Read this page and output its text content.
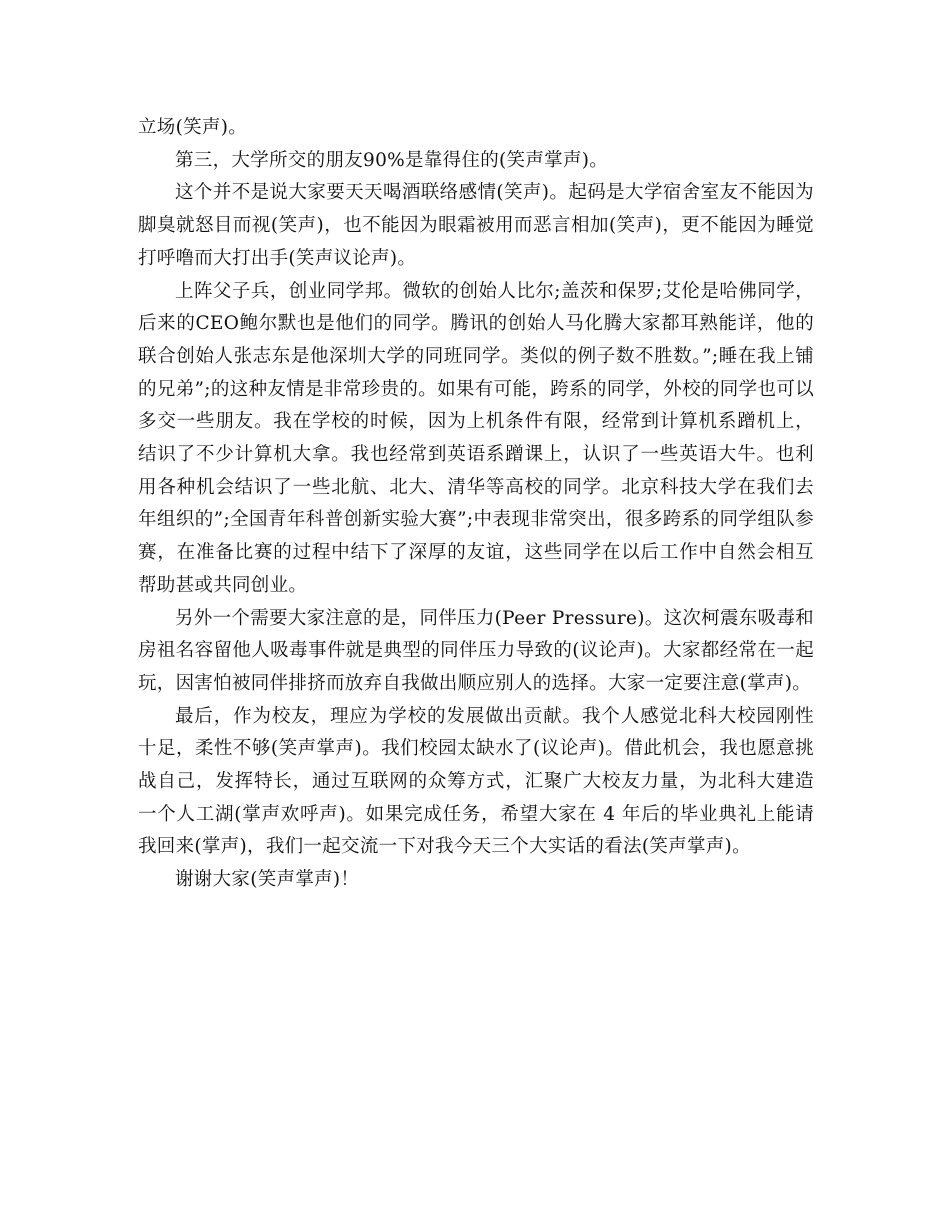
立场(笑声)。

第三，大学所交的朋友90%是靠得住的(笑声掌声)。

这个并不是说大家要天天喝酒联络感情(笑声)。起码是大学宿舍室友不能因为脚臭就怒目而视(笑声)，也不能因为眼霜被用而恶言相加(笑声)，更不能因为睡觉打呼噜而大打出手(笑声议论声)。

上阵父子兵，创业同学邦。微软的创始人比尔;盖茨和保罗;艾伦是哈佛同学，后来的CEO鲍尔默也是他们的同学。腾讯的创始人马化腾大家都耳熟能详，他的联合创始人张志东是他深圳大学的同班同学。类似的例子数不胜数。”;睡在我上铺的兄弟”;的这种友情是非常珍贵的。如果有可能，跨系的同学，外校的同学也可以多交一些朋友。我在学校的时候，因为上机条件有限，经常到计算机系蹭机上，结识了不少计算机大拿。我也经常到英语系蹭课上，认识了一些英语大牛。也利用各种机会结识了一些北航、北大、清华等高校的同学。北京科技大学在我们去年组织的”;全国青年科普创新实验大赛”;中表现非常突出，很多跨系的同学组队参赛，在准备比赛的过程中结下了深厚的友谊，这些同学在以后工作中自然会相互帮助甚或共同创业。

另外一个需要大家注意的是，同伴压力(Peer Pressure)。这次柯震东吸毒和房祖名容留他人吸毒事件就是典型的同伴压力导致的(议论声)。大家都经常在一起玩，因害怕被同伴排挤而放弃自我做出顺应别人的选择。大家一定要注意(掌声)。

最后，作为校友，理应为学校的发展做出贡献。我个人感觉北科大校园刚性十足，柔性不够(笑声掌声)。我们校园太缺水了(议论声)。借此机会，我也愿意挑战自己，发挥特长，通过互联网的众筹方式，汇聚广大校友力量，为北科大建造一个人工湖(掌声欢呼声)。如果完成任务，希望大家在 4 年后的毕业典礼上能请我回来(掌声)，我们一起交流一下对我今天三个大实话的看法(笑声掌声)。

谢谢大家(笑声掌声)！
